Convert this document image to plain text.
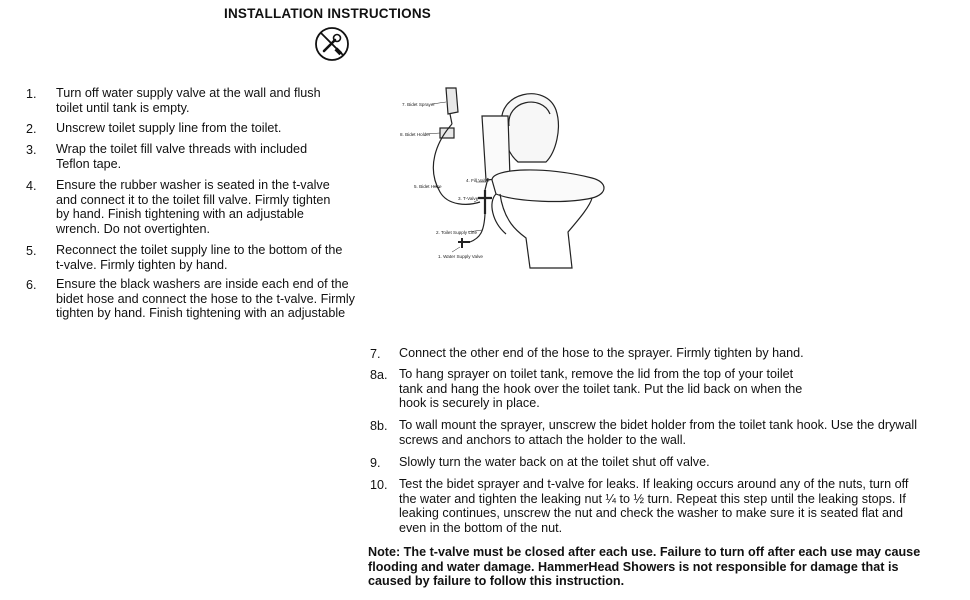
INSTALLATION INSTRUCTIONS
1. Turn off water supply valve at the wall and flush
toilet until tank is empty.
2. Unscrew toilet supply line from the toilet.
3. Wrap the toilet fill valve threads with included
Teflon tape.
4. Ensure the rubber washer is seated in the t-valve
and connect it to the toilet fill valve. Firmly tighten
by hand. Finish tightening with an adjustable
wrench. Do not overtighten.
5. Reconnect the toilet supply line to the bottom of the
t-valve. Firmly tighten by hand.
6. Ensure the black washers are inside each end of the
bidet hose and connect the hose to the t-valve. Firmly
tighten by hand. Finish tightening with an adjustable
7. Bidet Sprayer
8. Bidet Holder
5. Bidet Hose
4. Fill Valve
3. T-Valve
2. Toilet Supply Line
1. Water Supply Valve
7. Connect the other end of the hose to the sprayer. Firmly tighten by hand.
8a. To hang sprayer on toilet tank, remove the lid from the top of your toilet
tank and hang the hook over the toilet tank. Put the lid back on when the
hook is securely in place.
8b. To wall mount the sprayer, unscrew the bidet holder from the toilet tank hook. Use the drywall
screws and anchors to attach the holder to the wall.
9. Slowly turn the water back on at the toilet shut off valve.
10. Test the bidet sprayer and t-valve for leaks. If leaking occurs around any of the nuts, turn off
the water and tighten the leaking nut ¼ to ½ turn. Repeat this step until the leaking stops. If
leaking continues, unscrew the nut and check the washer to make sure it is seated flat and
even in the bottom of the nut.
Note: The t-valve must be closed after each use. Failure to turn off after each use may cause
flooding and water damage. HammerHead Showers is not responsible for damage that is
caused by failure to follow this instruction.
